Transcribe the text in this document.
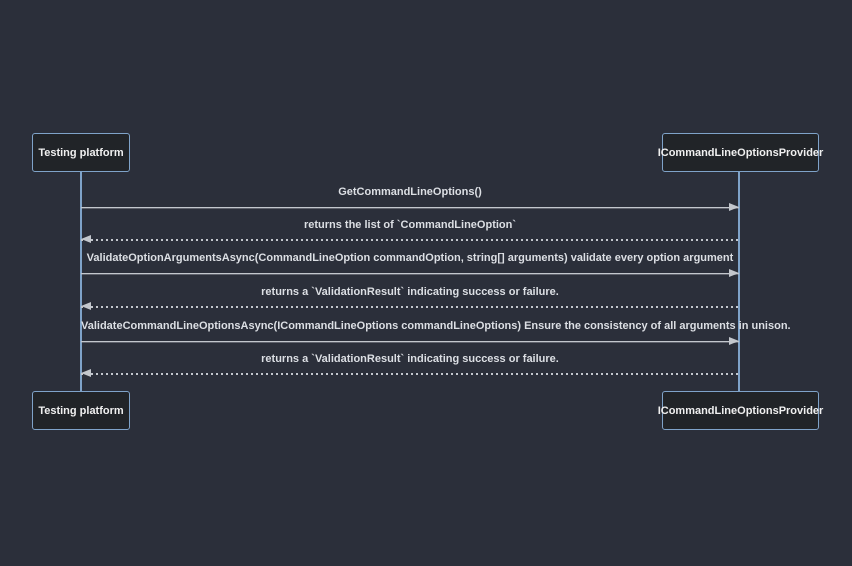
Testing platform	ICommandLineOptionsProvider
GetCommandLineOptions()
returns the list of `CommandLineOption`
ValidateOptionArgumentsAsync(CommandLineOption commandOption, string[] arguments) validate every option argument
returns a `ValidationResult` indicating success or failure.
ValidateCommandLineOptionsAsync(ICommandLineOptions commandLineOptions) Ensure the consistency of all arguments in unison.
returns a `ValidationResult` indicating success or failure.
Testing platform	ICommandLineOptionsProvider
